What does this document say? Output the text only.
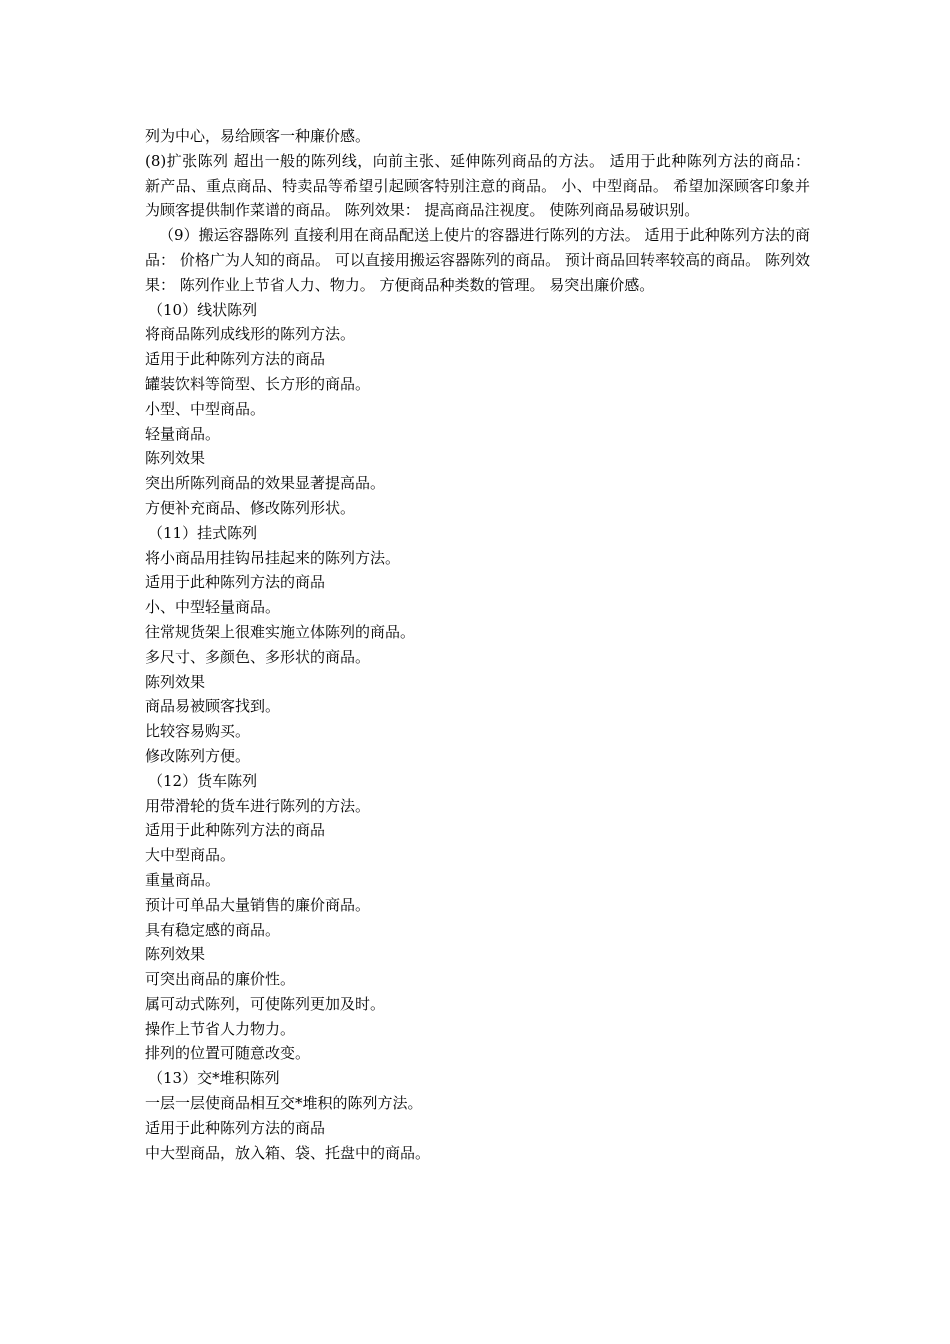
列为中心，易给顾客一种廉价感。

(8)扩张陈列 超出一般的陈列线，向前主张、延伸陈列商品的方法。 适用于此种陈列方法的商品： 新产品、重点商品、特卖品等希望引起顾客特别注意的商品。 小、中型商品。 希望加深顾客印象并为顾客提供制作菜谱的商品。 陈列效果： 提高商品注视度。 使陈列商品易破识别。

（9）搬运容器陈列 直接利用在商品配送上使片的容器进行陈列的方法。 适用于此种陈列方法的商品： 价格广为人知的商品。 可以直接用搬运容器陈列的商品。 预计商品回转率较高的商品。 陈列效果： 陈列作业上节省人力、物力。 方便商品种类数的管理。 易突出廉价感。

（10）线状陈列

将商品陈列成线形的陈列方法。

适用于此种陈列方法的商品

罐装饮料等筒型、长方形的商品。

小型、中型商品。

轻量商品。

陈列效果

突出所陈列商品的效果显著提高品。

方便补充商品、修改陈列形状。

（11）挂式陈列

将小商品用挂钩吊挂起来的陈列方法。

适用于此种陈列方法的商品

小、中型轻量商品。

往常规货架上很难实施立体陈列的商品。

多尺寸、多颜色、多形状的商品。

陈列效果

商品易被顾客找到。

比较容易购买。

修改陈列方便。

（12）货车陈列

用带滑轮的货车进行陈列的方法。

适用于此种陈列方法的商品

大中型商品。

重量商品。

预计可单品大量销售的廉价商品。

具有稳定感的商品。

陈列效果

可突出商品的廉价性。

属可动式陈列，可使陈列更加及时。

操作上节省人力物力。

排列的位置可随意改变。

（13）交*堆积陈列

一层一层使商品相互交*堆积的陈列方法。

适用于此种陈列方法的商品

中大型商品，放入箱、袋、托盘中的商品。
